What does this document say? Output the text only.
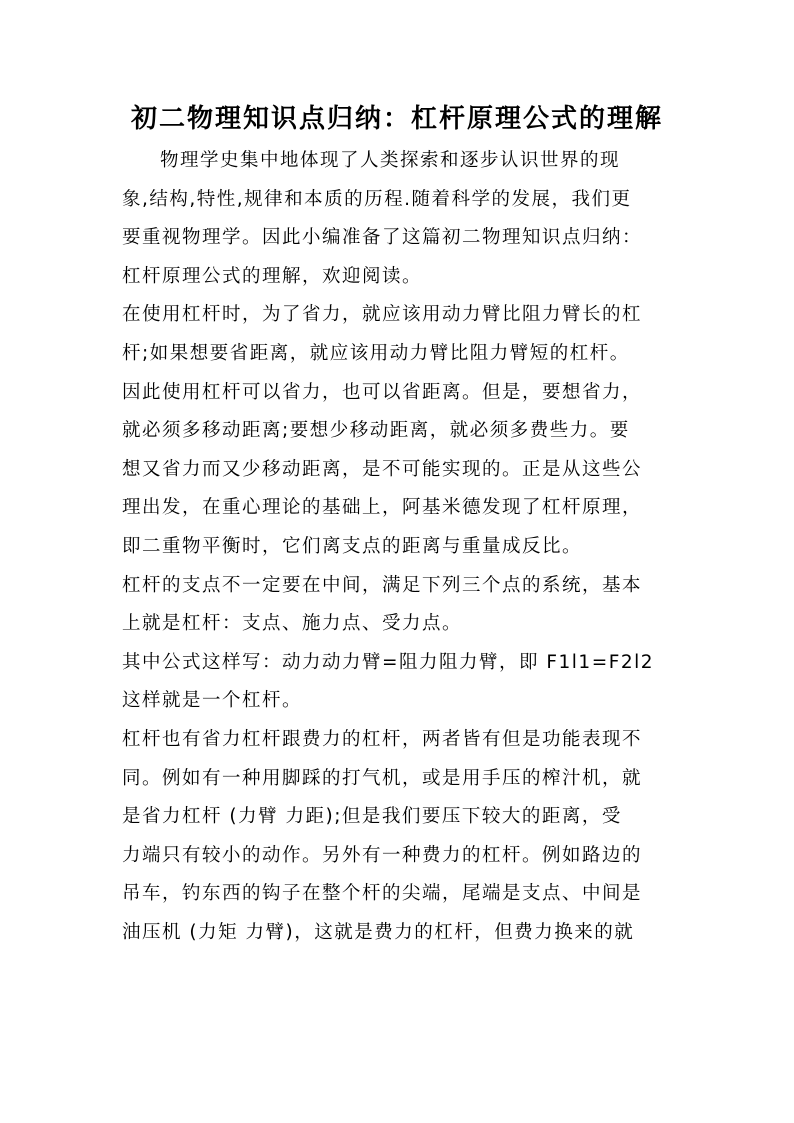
初二物理知识点归纳：杠杆原理公式的理解
物理学史集中地体现了人类探索和逐步认识世界的现
象,结构,特性,规律和本质的历程.随着科学的发展，我们更
要重视物理学。因此小编准备了这篇初二物理知识点归纳：
杠杆原理公式的理解，欢迎阅读。
在使用杠杆时，为了省力，就应该用动力臂比阻力臂长的杠
杆;如果想要省距离，就应该用动力臂比阻力臂短的杠杆。
因此使用杠杆可以省力，也可以省距离。但是，要想省力，
就必须多移动距离;要想少移动距离，就必须多费些力。要
想又省力而又少移动距离，是不可能实现的。正是从这些公
理出发，在重心理论的基础上，阿基米德发现了杠杆原理，
即二重物平衡时，它们离支点的距离与重量成反比。
杠杆的支点不一定要在中间，满足下列三个点的系统，基本
上就是杠杆：支点、施力点、受力点。
其中公式这样写：动力动力臂=阻力阻力臂，即 F1l1=F2l2
这样就是一个杠杆。
杠杆也有省力杠杆跟费力的杠杆，两者皆有但是功能表现不
同。例如有一种用脚踩的打气机，或是用手压的榨汁机，就
是省力杠杆 (力臂 力距);但是我们要压下较大的距离，受
力端只有较小的动作。另外有一种费力的杠杆。例如路边的
吊车，钓东西的钩子在整个杆的尖端，尾端是支点、中间是
油压机 (力矩 力臂)，这就是费力的杠杆，但费力换来的就
